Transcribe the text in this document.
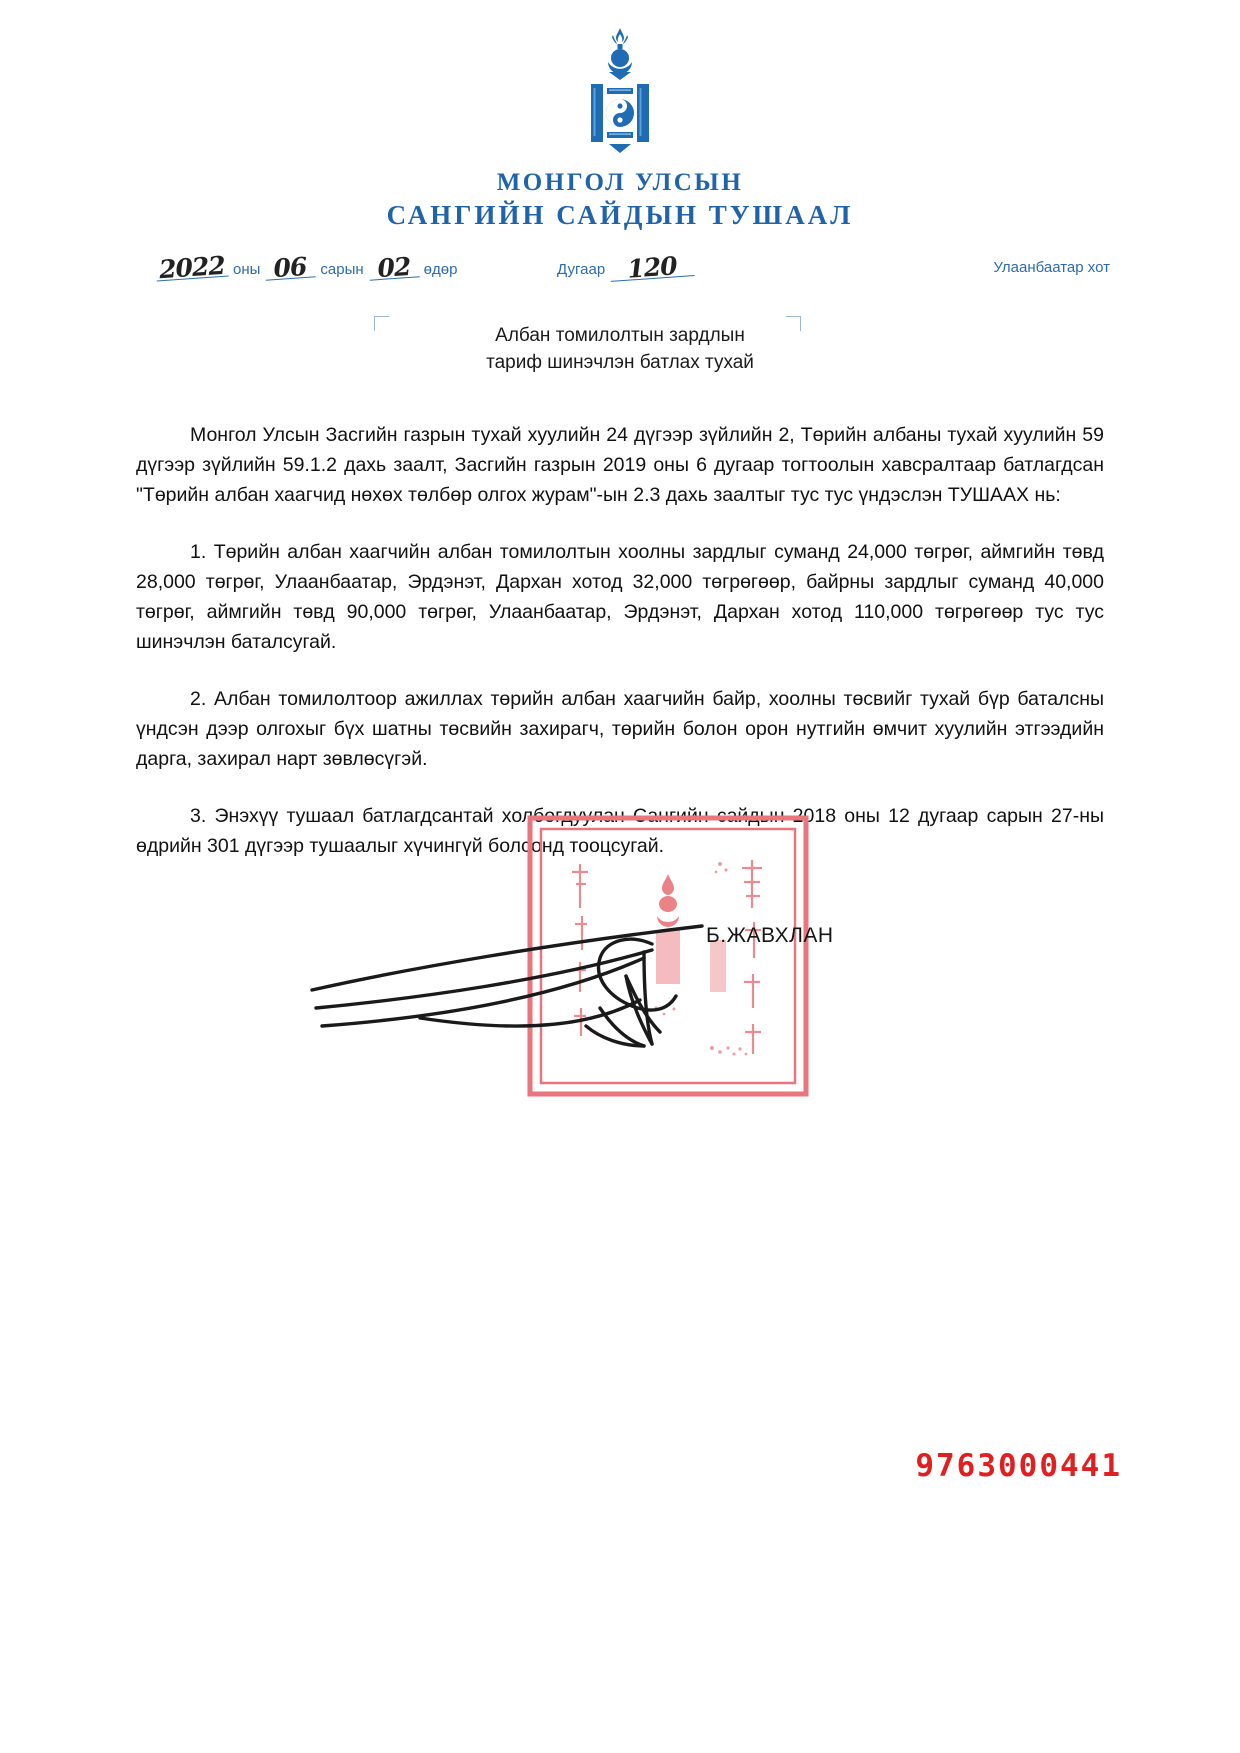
МОНГОЛ УЛСЫН
САНГИЙН САЙДЫН ТУШААЛ
2022 оны 06 сарын 02 өдөр	Дугаар 120	Улаанбаатар хот
Албан томилолтын зардлын
тариф шинэчлэн батлах тухай

Монгол Улсын Засгийн газрын тухай хуулийн 24 дүгээр зүйлийн 2, Төрийн албаны тухай хуулийн 59 дүгээр зүйлийн 59.1.2 дахь заалт, Засгийн газрын 2019 оны 6 дугаар тогтоолын хавсралтаар батлагдсан "Төрийн албан хаагчид нөхөх төлбөр олгох журам"-ын 2.3 дахь заалтыг тус тус үндэслэн ТУШААХ нь:

1. Төрийн албан хаагчийн албан томилолтын хоолны зардлыг суманд 24,000 төгрөг, аймгийн төвд 28,000 төгрөг, Улаанбаатар, Эрдэнэт, Дархан хотод 32,000 төгрөгөөр, байрны зардлыг суманд 40,000 төгрөг, аймгийн төвд 90,000 төгрөг, Улаанбаатар, Эрдэнэт, Дархан хотод 110,000 төгрөгөөр тус тус шинэчлэн баталсугай.

2. Албан томилолтоор ажиллах төрийн албан хаагчийн байр, хоолны төсвийг тухай бүр баталсны үндсэн дээр олгохыг бүх шатны төсвийн захирагч, төрийн болон орон нутгийн өмчит хуулийн этгээдийн дарга, захирал нарт зөвлөсүгэй.

3. Энэхүү тушаал батлагдсантай холбогдуулан Сангийн сайдын 2018 оны 12 дугаар сарын 27-ны өдрийн 301 дүгээр тушаалыг хүчингүй болсонд тооцсугай.

Б.ЖАВХЛАН
9763000441
